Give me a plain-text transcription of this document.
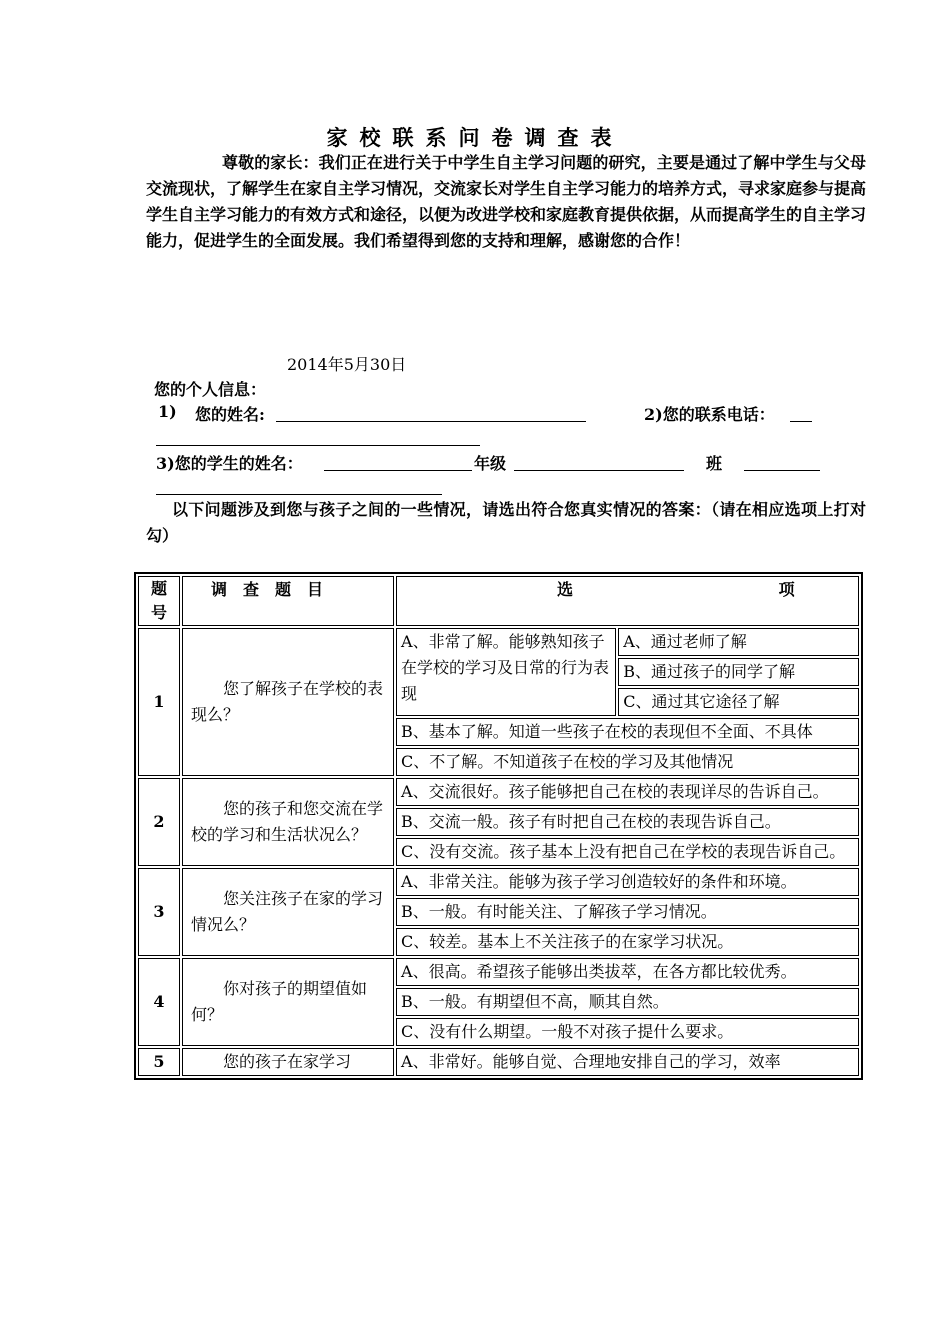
家校联系问卷调查表
尊敬的家长：我们正在进行关于中学生自主学习问题的研究，主要是通过了解中学生与父母交流现状，了解学生在家自主学习情况，交流家长对学生自主学习能力的培养方式，寻求家庭参与提高学生自主学习能力的有效方式和途径，以便为改进学校和家庭教育提供依据，从而提高学生的自主学习能力，促进学生的全面发展。我们希望得到您的支持和理解，感谢您的合作！
2014年5月30日
您的个人信息：
1) 您的姓名:	2)您的联系电话：
3)您的学生的姓名：	年级	班
以下问题涉及到您与孩子之间的一些情况，请选出符合您真实情况的答案：（请在相应选项上打对勾）
题号	调　查　题　目	选 项	
1	您了解孩子在学校的表现么？	A、非常了解。能够熟知孩子在学校的学习及日常的行为表现	A、通过老师了解
			B、通过孩子的同学了解
			C、通过其它途径了解
		B、基本了解。知道一些孩子在校的表现但不全面、不具体	
		C、不了解。不知道孩子在校的学习及其他情况	
2	您的孩子和您交流在学校的学习和生活状况么？	A、交流很好。孩子能够把自己在校的表现详尽的告诉自己。	
		B、交流一般。孩子有时把自己在校的表现告诉自己。	
		C、没有交流。孩子基本上没有把自己在学校的表现告诉自己。	
3	您关注孩子在家的学习情况么？	A、非常关注。能够为孩子学习创造较好的条件和环境。	
		B、一般。有时能关注、了解孩子学习情况。	
		C、较差。基本上不关注孩子的在家学习状况。	
4	你对孩子的期望值如何？	A、很高。希望孩子能够出类拔萃，在各方都比较优秀。	
		B、一般。有期望但不高，顺其自然。	
		C、没有什么期望。一般不对孩子提什么要求。	
5	您的孩子在家学习	A、非常好。能够自觉、合理地安排自己的学习，效率	
